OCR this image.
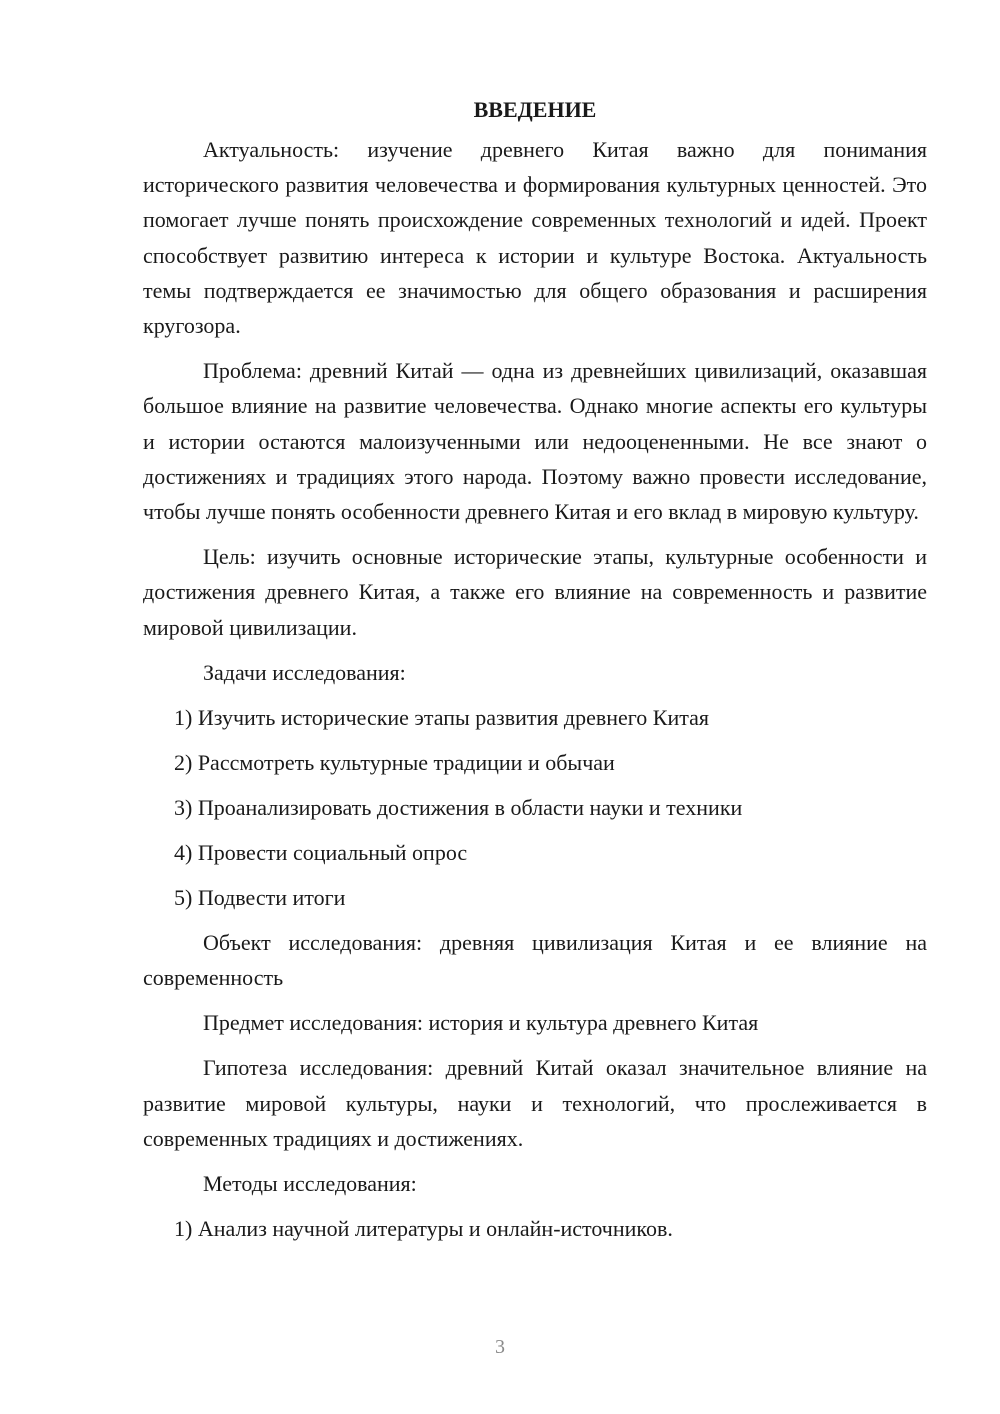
ВВЕДЕНИЕ

Актуальность: изучение древнего Китая важно для понимания исторического развития человечества и формирования культурных ценностей. Это помогает лучше понять происхождение современных технологий и идей. Проект способствует развитию интереса к истории и культуре Востока. Актуальность темы подтверждается ее значимостью для общего образования и расширения кругозора.

Проблема: древний Китай — одна из древнейших цивилизаций, оказавшая большое влияние на развитие человечества. Однако многие аспекты его культуры и истории остаются малоизученными или недооцененными. Не все знают о достижениях и традициях этого народа. Поэтому важно провести исследование, чтобы лучше понять особенности древнего Китая и его вклад в мировую культуру.

Цель: изучить основные исторические этапы, культурные особенности и достижения древнего Китая, а также его влияние на современность и развитие мировой цивилизации.

Задачи исследования:
1) Изучить исторические этапы развития древнего Китая
2) Рассмотреть культурные традиции и обычаи
3) Проанализировать достижения в области науки и техники
4) Провести социальный опрос
5) Подвести итоги

Объект исследования: древняя цивилизация Китая и ее влияние на современность

Предмет исследования: история и культура древнего Китая

Гипотеза исследования: древний Китай оказал значительное влияние на развитие мировой культуры, науки и технологий, что прослеживается в современных традициях и достижениях.

Методы исследования:
1) Анализ научной литературы и онлайн-источников.
3
